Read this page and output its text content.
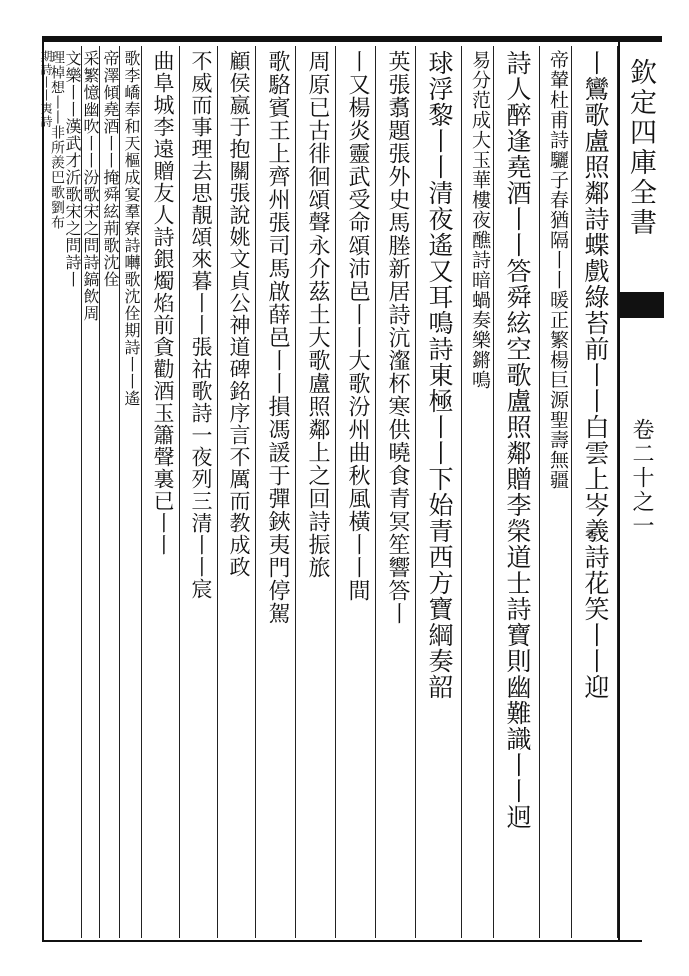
欽定四庫全書
卷二十之一
丨鸞歌盧照鄰詩蝶戲綠苔前丨丨白雲上岑羲詩花笑丨丨迎
帝輦杜甫詩驪子春猶隔丨丨暖正繁楊巨源聖壽無疆
詩人醉逢堯酒丨丨答舜絃空歌盧照鄰贈李榮道士詩寶則幽難識丨丨迥
易分范成大玉華樓夜醮詩暗蝸奏樂鏘鳴
球浮黎丨丨清夜遙又耳鳴詩東極丨丨下始青西方寶綱奏韶
英張翥題張外史馬塍新居詩沆瀣杯寒供曉食青冥笙響答丨
丨又楊炎靈武受命頌沛邑丨丨大歌汾州曲秋風橫丨丨間
周原已古徘徊頌聲永介茲土大歌盧照鄰上之回詩振旅
歌駱賓王上齊州張司馬啟薛邑丨丨損馮諼于彈鋏夷門停駕
顧侯嬴于抱關張說姚文貞公神道碑銘序言不厲而教成政
不威而事理去思靚頌來暮丨丨張祜歌詩一夜列三清丨丨宸
曲阜城李遠贈友人詩銀燭焰前貪勸酒玉簫聲裏已丨丨
歌李嶠奉和天樞成宴羣寮詩囀歌沈佺期詩丨丨遙
帝澤傾堯酒丨丨掩舜絃荊歌沈佺
采繁憶幽吹丨丨汾歌宋之問詩鎬飲周
文樂丨丨漢武才沂歌宋之問詩丨
理棹想丨丨非所羨巴歌劉布
期詩丨丨夷詩
